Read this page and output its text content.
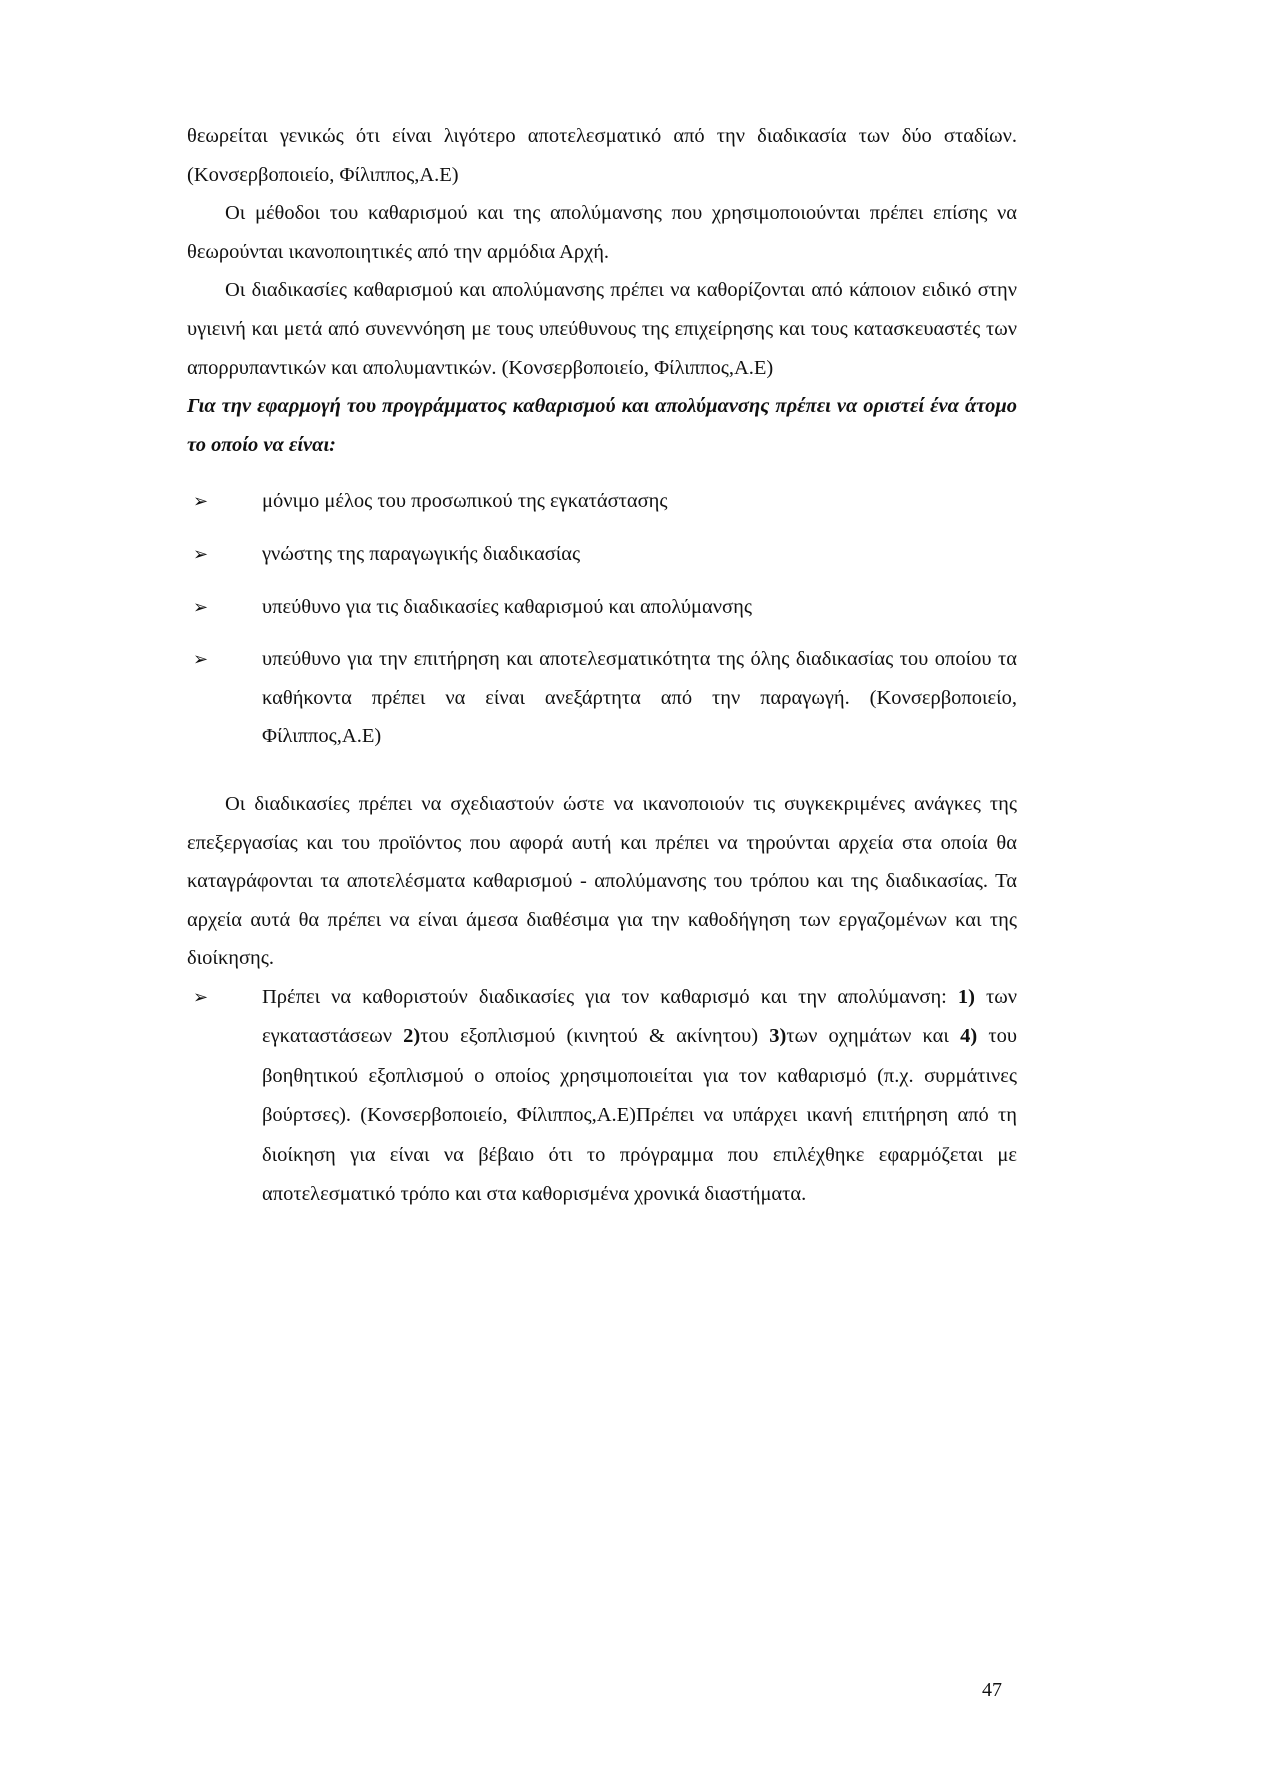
θεωρείται γενικώς ότι είναι λιγότερο αποτελεσματικό από την διαδικασία των δύο σταδίων. (Κονσερβοποιείο, Φίλιππος,Α.Ε)

Οι μέθοδοι του καθαρισμού και της απολύμανσης που χρησιμοποιούνται πρέπει επίσης να θεωρούνται ικανοποιητικές από την αρμόδια Αρχή.

Οι διαδικασίες καθαρισμού και απολύμανσης πρέπει να καθορίζονται από κάποιον ειδικό στην υγιεινή και μετά από συνεννόηση με τους υπεύθυνους της επιχείρησης και τους κατασκευαστές των απορρυπαντικών και απολυμαντικών. (Κονσερβοποιείο, Φίλιππος,Α.Ε)

Για την εφαρμογή του προγράμματος καθαρισμού και απολύμανσης πρέπει να οριστεί ένα άτομο το οποίο να είναι:

➢	μόνιμο μέλος του προσωπικού της εγκατάστασης
➢	γνώστης της παραγωγικής διαδικασίας
➢	υπεύθυνο για τις διαδικασίες καθαρισμού και απολύμανσης
➢	υπεύθυνο για την επιτήρηση και αποτελεσματικότητα της όλης διαδικασίας του οποίου τα καθήκοντα πρέπει να είναι ανεξάρτητα από την παραγωγή. (Κονσερβοποιείο, Φίλιππος,Α.Ε)

Οι διαδικασίες πρέπει να σχεδιαστούν ώστε να ικανοποιούν τις συγκεκριμένες ανάγκες της επεξεργασίας και του προϊόντος που αφορά αυτή και πρέπει να τηρούνται αρχεία στα οποία θα καταγράφονται τα αποτελέσματα καθαρισμού - απολύμανσης του τρόπου και της διαδικασίας. Τα αρχεία αυτά θα πρέπει να είναι άμεσα διαθέσιμα για την καθοδήγηση των εργαζομένων και της διοίκησης.

➢	Πρέπει να καθοριστούν διαδικασίες για τον καθαρισμό και την απολύμανση: 1) των εγκαταστάσεων 2)του εξοπλισμού (κινητού & ακίνητου) 3)των οχημάτων και 4) του βοηθητικού εξοπλισμού ο οποίος χρησιμοποιείται για τον καθαρισμό (π.χ. συρμάτινες βούρτσες). (Κονσερβοποιείο, Φίλιππος,Α.Ε)Πρέπει να υπάρχει ικανή επιτήρηση από τη διοίκηση για είναι να βέβαιο ότι το πρόγραμμα που επιλέχθηκε εφαρμόζεται με αποτελεσματικό τρόπο και στα καθορισμένα χρονικά διαστήματα.
47
